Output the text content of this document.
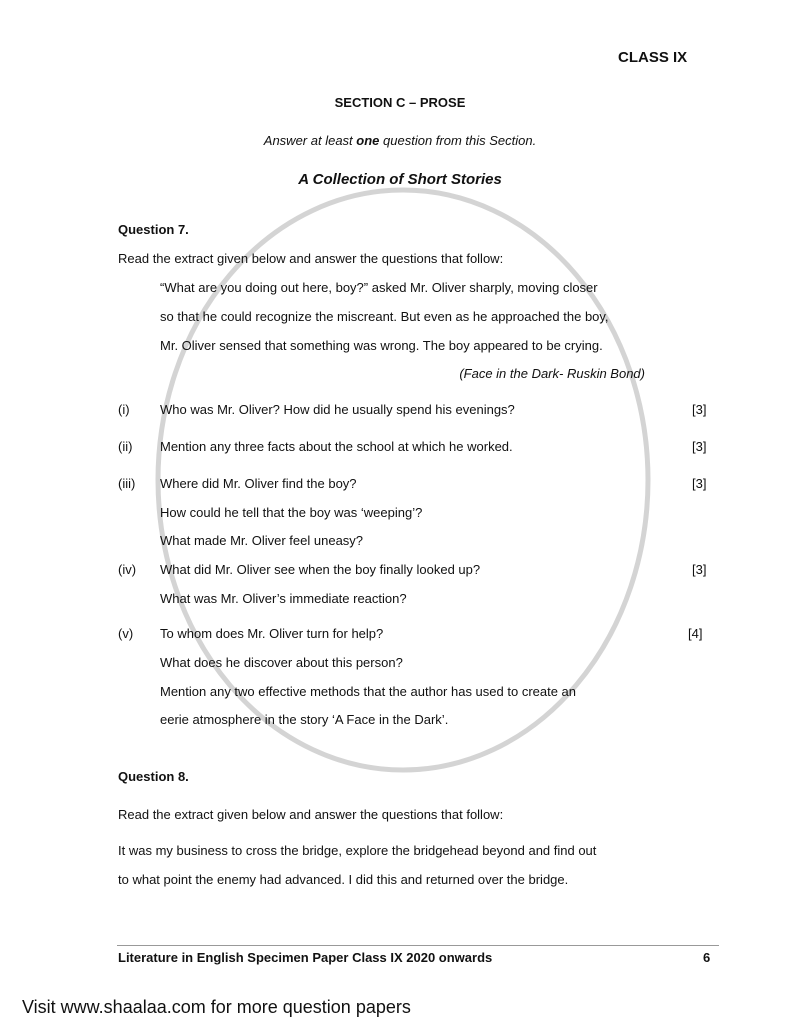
CLASS IX
SECTION C – PROSE
Answer at least one question from this Section.
A Collection of Short Stories
Question 7.
Read the extract given below and answer the questions that follow:
“What are you doing out here, boy?” asked Mr. Oliver sharply, moving closer
so that he could recognize the miscreant. But even as he approached the boy,
Mr. Oliver sensed that something was wrong. The boy appeared to be crying.
(Face in the Dark- Ruskin Bond)
(i) Who was Mr. Oliver? How did he usually spend his evenings?	[3]
(ii) Mention any three facts about the school at which he worked.	[3]
(iii) Where did Mr. Oliver find the boy?
How could he tell that the boy was ‘weeping’?
What made Mr. Oliver feel uneasy?
[3]
(iv) What did Mr. Oliver see when the boy finally looked up?
What was Mr. Oliver’s immediate reaction?
[3]
(v) To whom does Mr. Oliver turn for help?
What does he discover about this person?
Mention any two effective methods that the author has used to create an
eerie atmosphere in the story ‘A Face in the Dark’.
[4]
Question 8.
Read the extract given below and answer the questions that follow:
It was my business to cross the bridge, explore the bridgehead beyond and find out
to what point the enemy had advanced. I did this and returned over the bridge.
Literature in English Specimen Paper Class IX 2020 onwards	6
Visit www.shaalaa.com for more question papers
